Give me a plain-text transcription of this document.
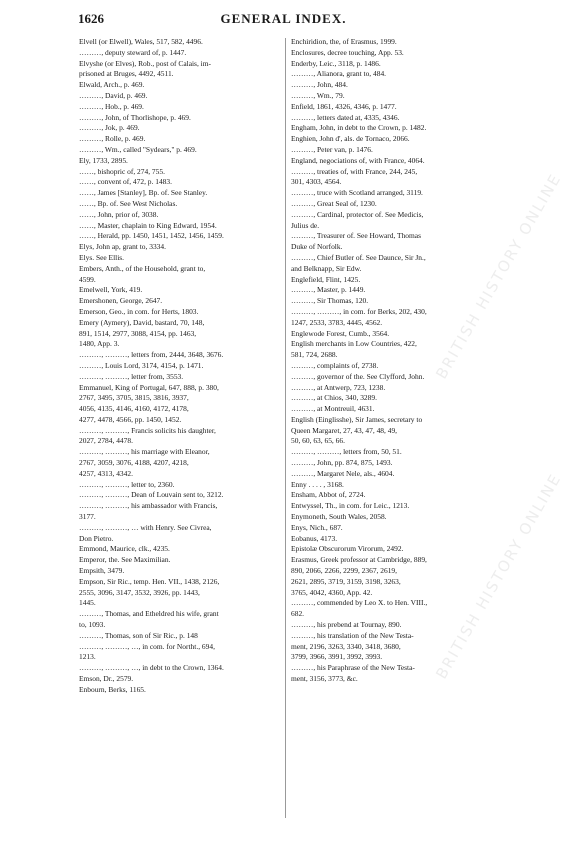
1626	GENERAL INDEX.
Elvell (or Elwell), Wales, 517, 582, 4496.
………, deputy steward of, p. 1447.
Elvyshe (or Elves), Rob., post of Calais, im-
prisoned at Bruges, 4492, 4511.
Elwald, Arch., p. 469.
………, David, p. 469.
………, Hob., p. 469.
………, John, of Thorlishope, p. 469.
………, Jok, p. 469.
………, Rolle, p. 469.
………, Wm., called "Sydears," p. 469.
Ely, 1733, 2895.
……, bishopric of, 274, 755.
……, convent of, 472, p. 1483.
……, James [Stanley], Bp. of. See Stanley.
……, Bp. of. See West Nicholas.
……, John, prior of, 3038.
……, Master, chaplain to King Edward, 1954.
……, Herald, pp. 1450, 1451, 1452, 1456, 1459.
Elys, John ap, grant to, 3334.
Elys. See Ellis.
Embers, Anth., of the Household, grant to,
4599.
Emelwell, York, 419.
Emershonen, George, 2647.
Emerson, Geo., in com. for Herts, 1803.
Emery (Aymery), David, bastard, 70, 148,
891, 1514, 2977, 3088, 4154, pp. 1463,
1480, App. 3.
………, ………, letters from, 2444, 3648, 3676.
………, Louis Lord, 3174, 4154, p. 1471.
………, ………, letter from, 3553.
Emmanuel, King of Portugal, 647, 888, p. 380,
2767, 3495, 3705, 3815, 3816, 3937,
4056, 4135, 4146, 4160, 4172, 4178,
4277, 4478, 4566, pp. 1450, 1452.
………, ………, Francis solicits his daughter,
2027, 2784, 4478.
………, ………, his marriage with Eleanor,
2767, 3059, 3076, 4188, 4207, 4218,
4257, 4313, 4342.
………, ………, letter to, 2360.
………, ………, Dean of Louvain sent to, 3212.
………, ………, his ambassador with Francis,
3177.
………, ………, … with Henry. See Civrea,
Don Pietro.
Emmond, Maurice, clk., 4235.
Emperor, the. See Maximilian.
Empsith, 3479.
Empson, Sir Ric., temp. Hen. VII., 1438, 2126,
2555, 3096, 3147, 3532, 3926, pp. 1443,
1445.
………, Thomas, and Etheldred his wife, grant
to, 1093.
………, Thomas, son of Sir Ric., p. 148
………, ………, …, in com. for Northt., 694,
1213.
………, ………, …, in debt to the Crown, 1364.
Emson, Dr., 2579.
Enbourn, Berks, 1165.
Enchiridion, the, of Erasmus, 1999.
Enclosures, decree touching, App. 53.
Enderby, Leic., 3118, p. 1486.
………, Alianora, grant to, 484.
………, John, 484.
………, Wm., 79.
Enfield, 1861, 4326, 4346, p. 1477.
………, letters dated at, 4335, 4346.
Engham, John, in debt to the Crown, p. 1482.
Enghien, John d', als. de Tornaco, 2066.
………, Peter van, p. 1476.
England, negociations of, with France, 4064.
………, treaties of, with France, 244, 245,
301, 4303, 4564.
………, truce with Scotland arranged, 3119.
………, Great Seal of, 1230.
………, Cardinal, protector of. See Medicis,
Julius de.
………, Treasurer of. See Howard, Thomas
Duke of Norfolk.
………, Chief Butler of. See Daunce, Sir Jn.,
and Belknapp, Sir Edw.
Englefield, Flint, 1425.
………, Master, p. 1449.
………, Sir Thomas, 120.
………, ………, in com. for Berks, 202, 430,
1247, 2533, 3783, 4445, 4562.
Englewode Forest, Cumb., 3564.
English merchants in Low Countries, 422,
581, 724, 2688.
………, complaints of, 2738.
………, governor of the. See Clyfford, John.
………, at Antwerp, 723, 1238.
………, at Chios, 340, 3289.
………, at Montreuil, 4631.
English (Einglisshe), Sir James, secretary to
Queen Margaret, 27, 43, 47, 48, 49,
50, 60, 63, 65, 66.
………, ………, letters from, 50, 51.
………, John, pp. 874, 875, 1493.
………, Margaret Nele, als., 4604.
Enny . . . . , 3168.
Ensham, Abbot of, 2724.
Entwyssel, Th., in com. for Leic., 1213.
Enymoneth, South Wales, 2058.
Enys, Nich., 687.
Eobanus, 4173.
Epistolæ Obscurorum Virorum, 2492.
Erasmus, Greek professor at Cambridge, 889,
890, 2066, 2266, 2299, 2367, 2619,
2621, 2895, 3719, 3159, 3198, 3263,
3765, 4042, 4360, App. 42.
………, commended by Leo X. to Hen. VIII.,
682.
………, his prebend at Tournay, 890.
………, his translation of the New Testa-
ment, 2196, 3263, 3340, 3418, 3680,
3799, 3966, 3991, 3992, 3993.
………, his Paraphrase of the New Testa-
ment, 3156, 3773, &c.
BRITISH HISTORY ONLINE
BRITISH HISTORY ONLINE
